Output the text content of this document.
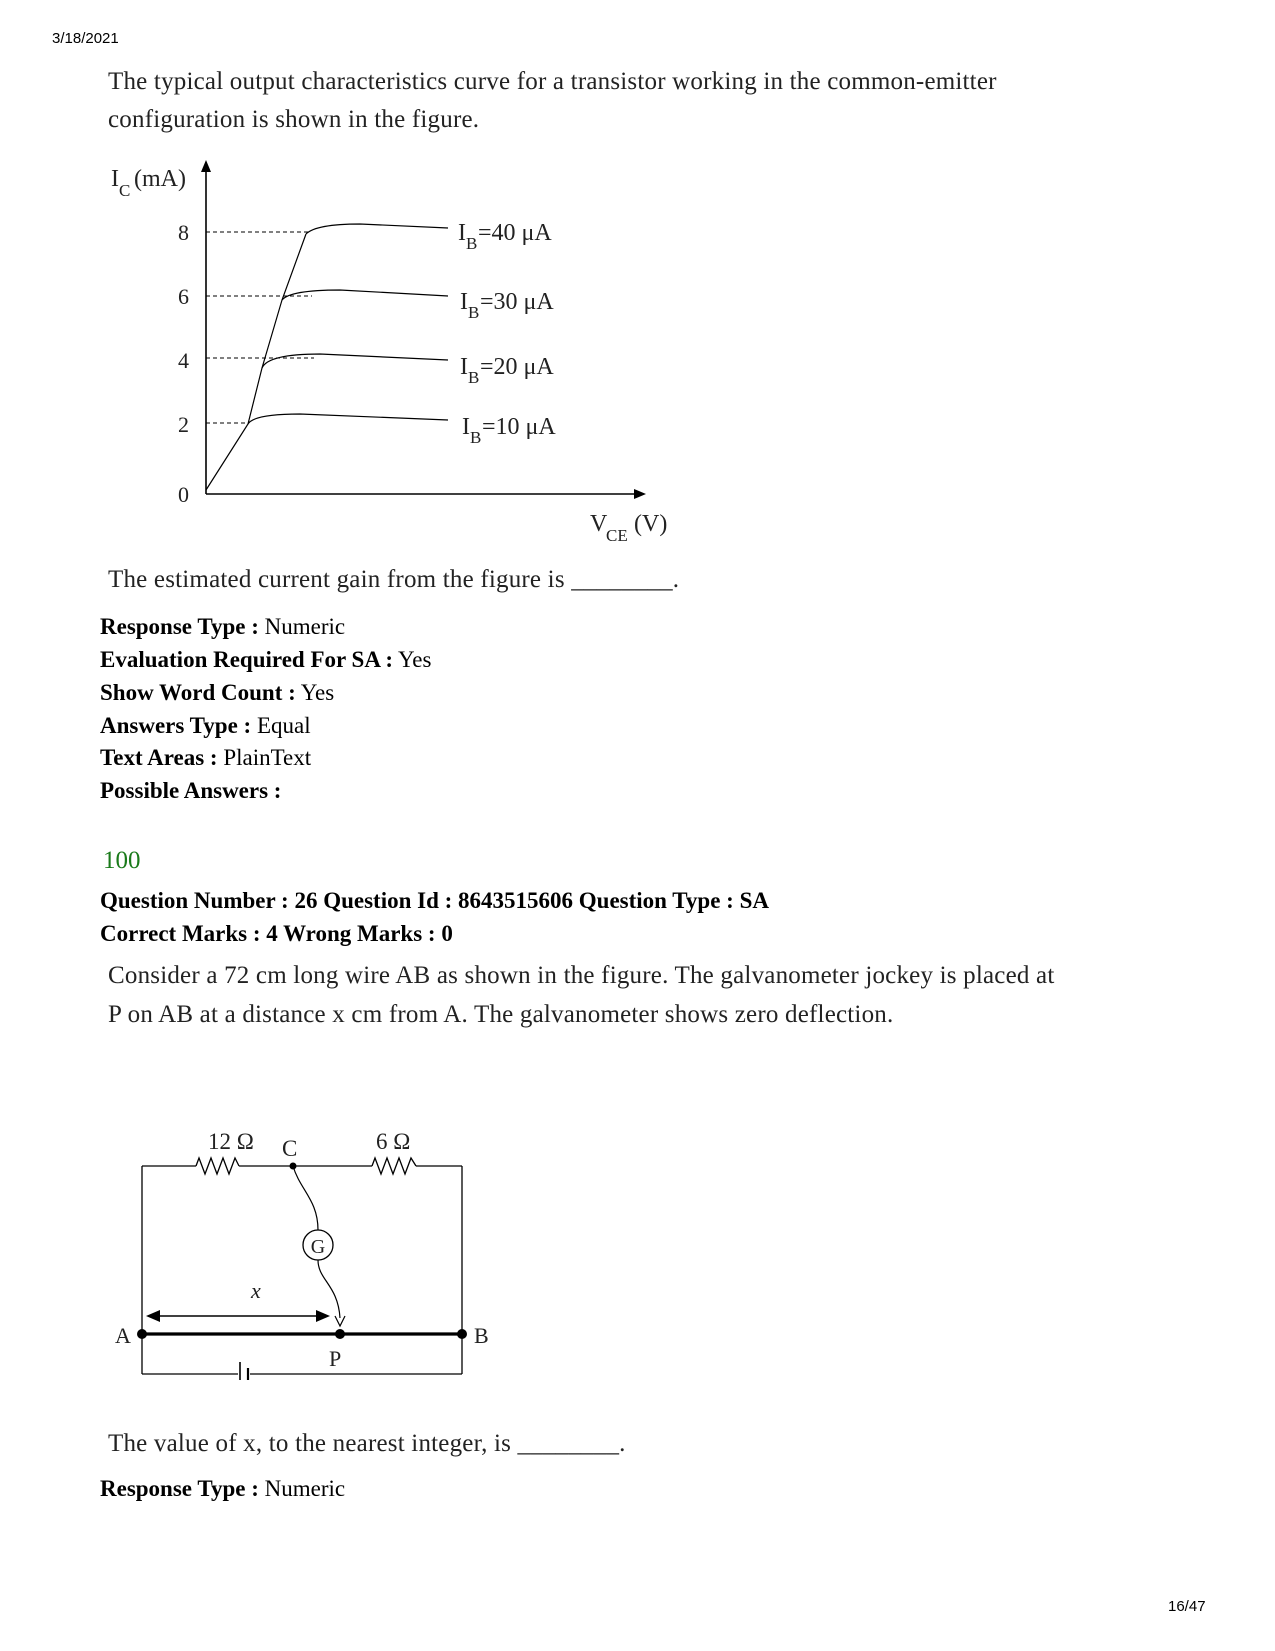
3/18/2021
16/47
The typical output characteristics curve for a transistor working in the common-emitter
configuration is shown in the figure.
I C (mA)
8
6
4
2
0
I B =40 μA
I B =30 μA
I B =20 μA
I B =10 μA
V
CE (V)
The estimated current gain from the figure is ________.
Response Type : Numeric
Evaluation Required For SA : Yes
Show Word Count : Yes
Answers Type : Equal
Text Areas : PlainText
Possible Answers :
100
Question Number : 26 Question Id : 8643515606 Question Type : SA
Correct Marks : 4 Wrong Marks : 0
Consider a 72 cm long wire AB as shown in the figure. The galvanometer jockey is placed at
P on AB at a distance x cm from A. The galvanometer shows zero deflection.
G
12 Ω C	6 Ω
x
A	B
P
The value of x, to the nearest integer, is ________.
Response Type : Numeric
